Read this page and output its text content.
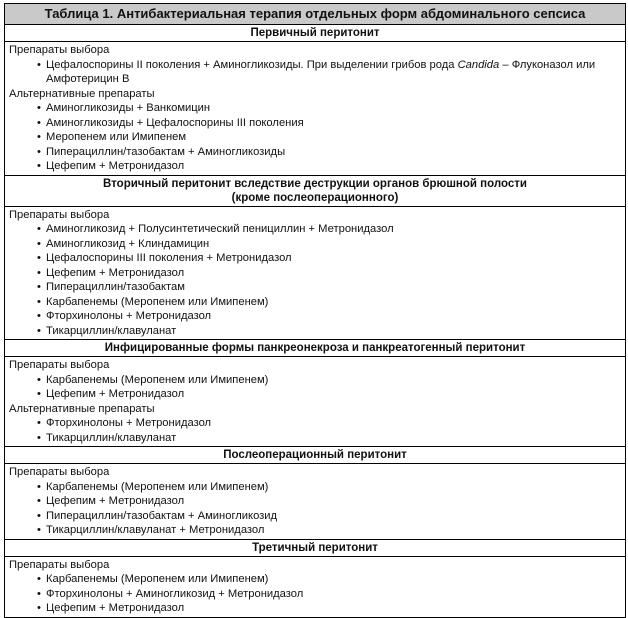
Таблица 1. Антибактериальная терапия отдельных форм абдоминального сепсиса
Первичный перитонит
Препараты выбора
• Цефалоспорины II поколения + Аминогликозиды. При выделении грибов рода Candida – Флуконазол или Амфотерицин В
Альтернативные препараты
• Аминогликозиды + Ванкомицин
• Аминогликозиды + Цефалоспорины III поколения
• Меропенем или Имипенем
• Пиперациллин/тазобактам + Аминогликозиды
• Цефепим + Метронидазол
Вторичный перитонит вследствие деструкции органов брюшной полости
(кроме послеоперационного)
Препараты выбора
• Аминогликозид + Полусинтетический пенициллин + Метронидазол
• Аминогликозид + Клиндамицин
• Цефалоспорины III поколения + Метронидазол
• Цефепим + Метронидазол
• Пиперациллин/тазобактам
• Карбапенемы (Меропенем или Имипенем)
• Фторхинолоны + Метронидазол
• Тикарциллин/клавуланат
Инфицированные формы панкреонекроза и панкреатогенный перитонит
Препараты выбора
• Карбапенемы (Меропенем или Имипенем)
• Цефепим + Метронидазол
Альтернативные препараты
• Фторхинолоны + Метронидазол
• Тикарциллин/клавуланат
Послеоперационный перитонит
Препараты выбора
• Карбапенемы (Меропенем или Имипенем)
• Цефепим + Метронидазол
• Пиперациллин/тазобактам + Аминогликозид
• Тикарциллин/клавуланат + Метронидазол
Третичный перитонит
Препараты выбора
• Карбапенемы (Меропенем или Имипенем)
• Фторхинолоны + Аминогликозид + Метронидазол
• Цефепим + Метронидазол
